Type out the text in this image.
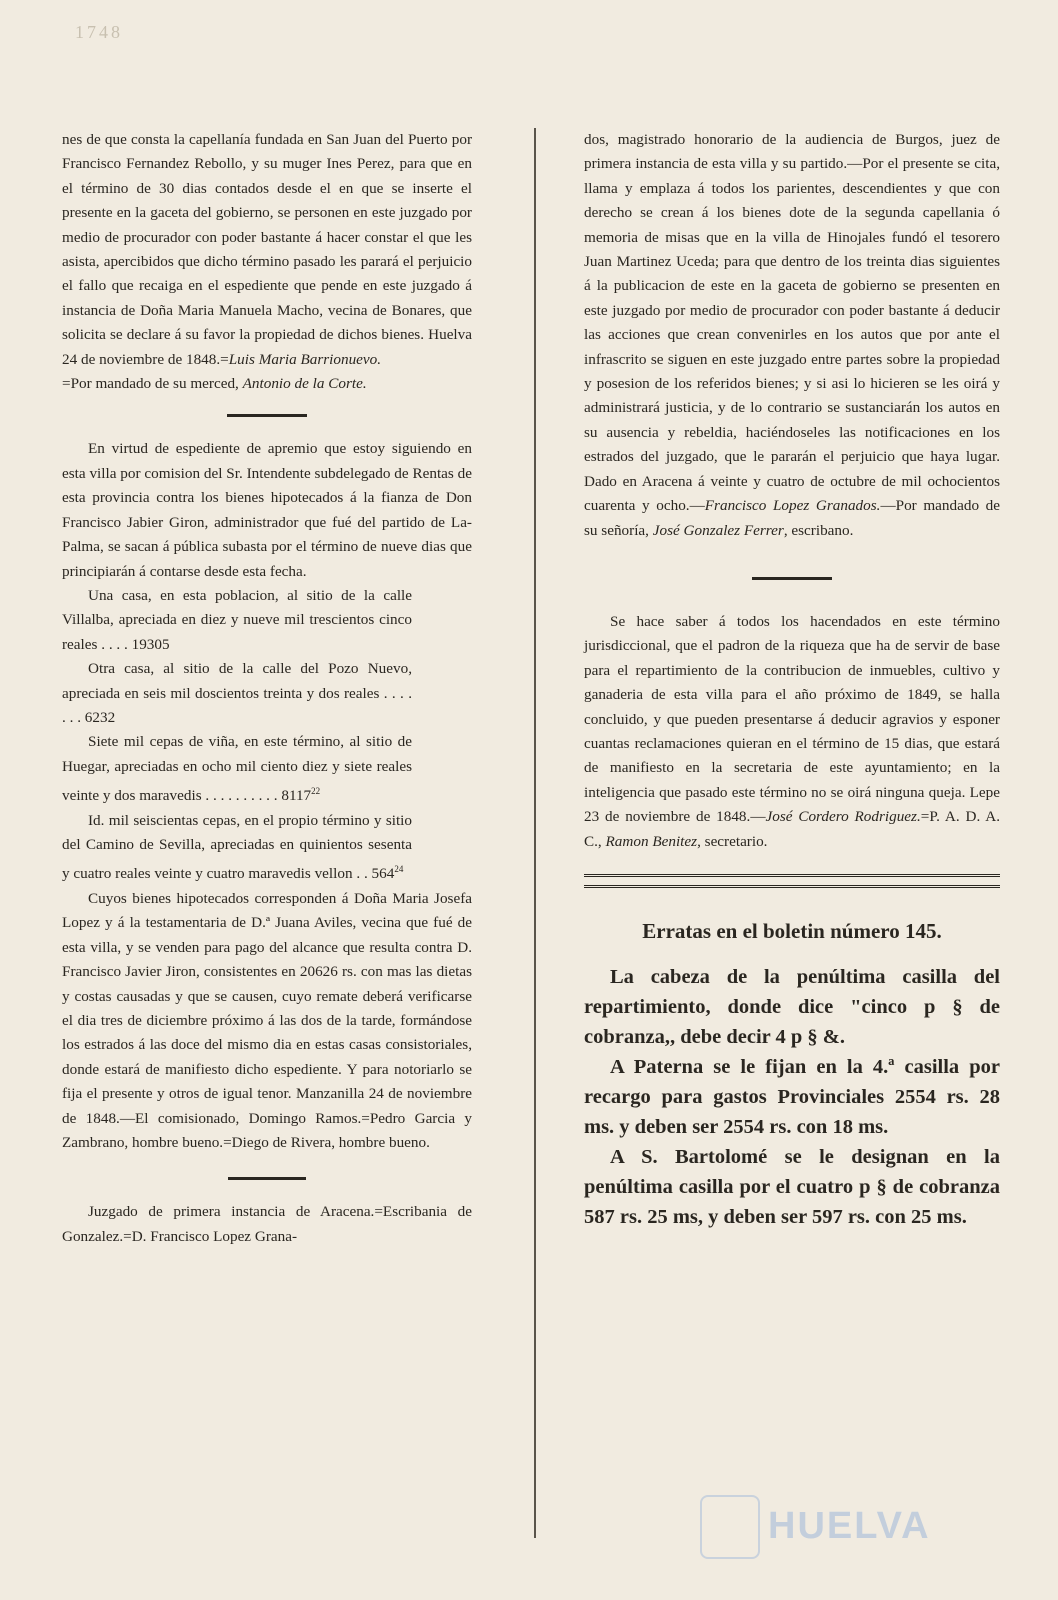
1748

nes de que consta la capellanía fundada en San Juan del Puerto por Francisco Fernandez Rebollo, y su muger Ines Perez, para que en el término de 30 dias contados desde el en que se inserte el presente en la gaceta del gobierno, se personen en este juzgado por medio de procurador con poder bastante á hacer constar el que les asista, apercibidos que dicho término pasado les parará el perjuicio el fallo que recaiga en el espediente que pende en este juzgado á instancia de Doña Maria Manuela Macho, vecina de Bonares, que solicita se declare á su favor la propiedad de dichos bienes. Huelva 24 de noviembre de 1848.=Luis Maria Barrionuevo.
=Por mandado de su merced, Antonio de la Corte.

En virtud de espediente de apremio que estoy siguiendo en esta villa por comision del Sr. Intendente subdelegado de Rentas de esta provincia contra los bienes hipotecados á la fianza de Don Francisco Jabier Giron, administrador que fué del partido de La-Palma, se sacan á pública subasta por el término de nueve dias que principiarán á contarse desde esta fecha.

Una casa, en esta poblacion, al sitio de la calle Villalba, apreciada en diez y nueve mil trescientos cinco reales . . . . 19305

Otra casa, al sitio de la calle del Pozo Nuevo, apreciada en seis mil doscientos treinta y dos reales . . . . . . . 6232

Siete mil cepas de viña, en este término, al sitio de Huegar, apreciadas en ocho mil ciento diez y siete reales veinte y dos maravedis . . . . . . . . . . 8117$^{22}$

Id. mil seiscientas cepas, en el propio término y sitio del Camino de Sevilla, apreciadas en quinientos sesenta y cuatro reales veinte y cuatro maravedis vellon . . $564^{24}$

Cuyos bienes hipotecados corresponden á Doña Maria Josefa Lopez y á la testamentaria de D.ª Juana Aviles, vecina que fué de esta villa, y se venden para pago del alcance que resulta contra D. Francisco Javier Jiron, consistentes en 20626 rs. con mas las dietas y costas causadas y que se causen, cuyo remate deberá verificarse el dia tres de diciembre próximo á las dos de la tarde, formándose los estrados á las doce del mismo dia en estas casas consistoriales, donde estará de manifiesto dicho espediente. Y para notoriarlo se fija el presente y otros de igual tenor. Manzanilla 24 de noviembre de 1848.—El comisionado, Domingo Ramos.=Pedro Garcia y Zambrano, hombre bueno.=Diego de Rivera, hombre bueno.

Juzgado de primera instancia de Aracena.=Escribania de Gonzalez.=D. Francisco Lopez Grana-

dos, magistrado honorario de la audiencia de Burgos, juez de primera instancia de esta villa y su partido.—Por el presente se cita, llama y emplaza á todos los parientes, descendientes y que con derecho se crean á los bienes dote de la segunda capellania ó memoria de misas que en la villa de Hinojales fundó el tesorero Juan Martinez Uceda; para que dentro de los treinta dias siguientes á la publicacion de este en la gaceta de gobierno se presenten en este juzgado por medio de procurador con poder bastante á deducir las acciones que crean convenirles en los autos que por ante el infrascrito se siguen en este juzgado entre partes sobre la propiedad y posesion de los referidos bienes; y si asi lo hicieren se les oirá y administrará justicia, y de lo contrario se sustanciarán los autos en su ausencia y rebeldia, haciéndoseles las notificaciones en los estrados del juzgado, que le pararán el perjuicio que haya lugar. Dado en Aracena á veinte y cuatro de octubre de mil ochocientos cuarenta y ocho.—Francisco Lopez Granados.—Por mandado de su señoría, José Gonzalez Ferrer, escribano.

Se hace saber á todos los hacendados en este término jurisdiccional, que el padron de la riqueza que ha de servir de base para el repartimiento de la contribucion de inmuebles, cultivo y ganaderia de esta villa para el año próximo de 1849, se halla concluido, y que pueden presentarse á deducir agravios y esponer cuantas reclamaciones quieran en el término de 15 dias, que estará de manifiesto en la secretaria de este ayuntamiento; en la inteligencia que pasado este término no se oirá ninguna queja. Lepe 23 de noviembre de 1848.—José Cordero Rodriguez.=P. A. D. A. C., Ramon Benitez, secretario.

Erratas en el boletin número 145.

La cabeza de la penúltima casilla del repartimiento, donde dice "cinco p § de cobranza,, debe decir 4 p § &.

A Paterna se le fijan en la 4.ª casilla por recargo para gastos Provinciales 2554 rs. 28 ms. y deben ser 2554 rs. con 18 ms.

A S. Bartolomé se le designan en la penúltima casilla por el cuatro p § de cobranza 587 rs. 25 ms, y deben ser 597 rs. con 25 ms.

HUELVA
